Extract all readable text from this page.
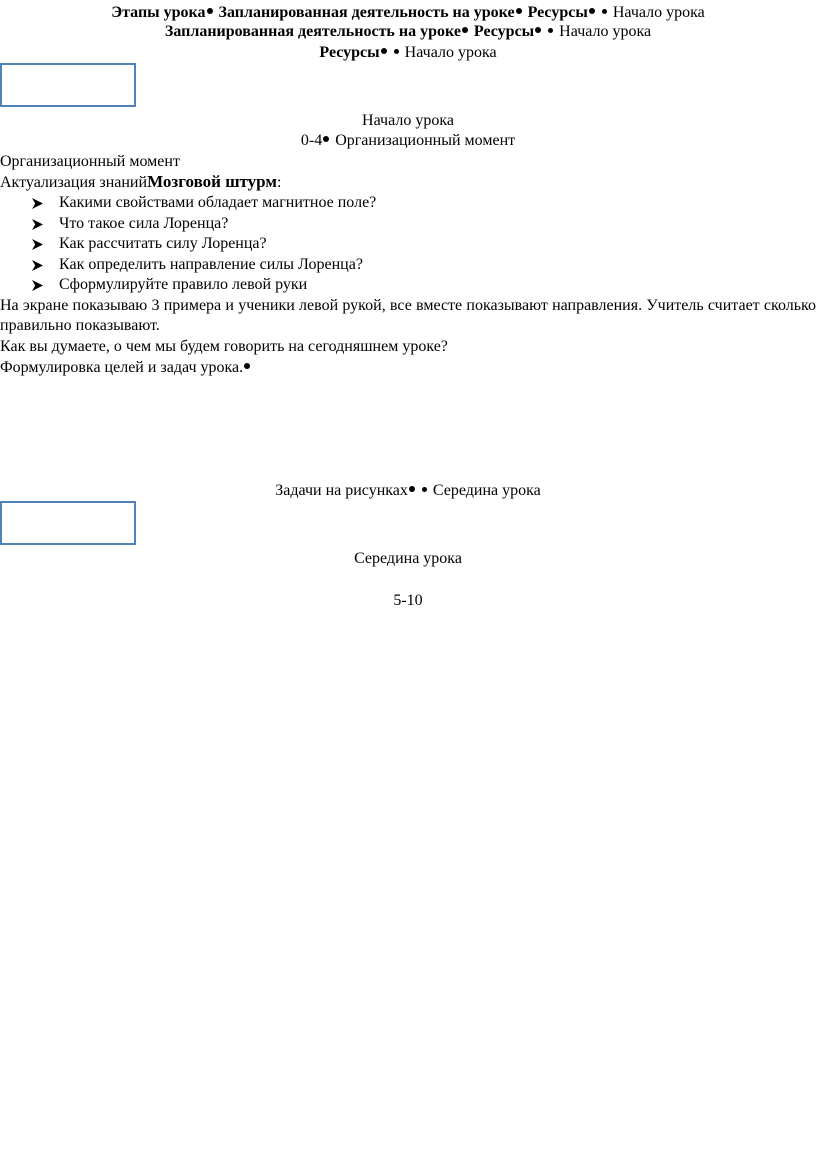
Этапы урока Запланированная деятельность на уроке Ресурсы Начало урока
Запланированная деятельность на уроке Ресурсы Начало урока
Ресурсы Начало урока
Начало урока
0-4 Организационный момент
Организационный момент
Актуализация знанийМозговой штурм:
Какими свойствами обладает магнитное поле?
Что такое сила Лоренца?
Как рассчитать силу Лоренца?
Как определить направление силы Лоренца?
Сформулируйте правило левой руки
На экране показываю 3 примера и ученики левой рукой, все вместе показывают направления. Учитель считает сколько правильно показывают.
Как вы думаете, о чем мы будем говорить на сегодняшнем уроке?
Формулировка целей и задач урока.
Задачи на рисунках Середина урока
Середина урока
5-10
